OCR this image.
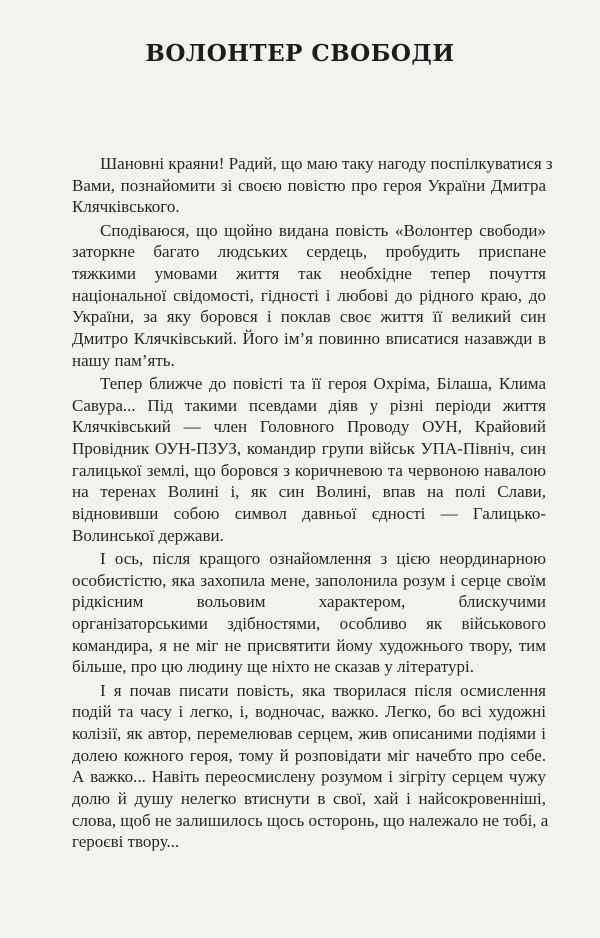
ВОЛОНТЕР СВОБОДИ
Шановні краяни! Радий, що маю таку нагоду поспілкуватися з
Вами, познайомити зі своєю повістю про героя України Дмитра
Клячківського.
Сподіваюся, що щойно видана повість «Волонтер свободи»
заторкне багато людських сердець, пробудить приспане
тяжкими умовами життя так необхідне тепер почуття
національної свідомості, гідності і любові до рідного краю, до
України, за яку боровся і поклав своє життя її великий син
Дмитро Клячківський. Його ім’я повинно вписатися назавжди в
нашу пам’ять.
Тепер ближче до повісті та її героя Охріма, Білаша, Клима
Савура... Під такими псевдами діяв у різні періоди життя
Клячківський — член Головного Проводу ОУН, Крайовий
Провідник ОУН-ПЗУЗ, командир групи військ УПА-Північ, син
галицької землі, що боровся з коричневою та червоною навалою
на теренах Волині і, як син Волині, впав на полі Слави,
відновивши собою символ давньої єдності — Галицько-
Волинської держави.
І ось, після кращого ознайомлення з цією неординарною
особистістю, яка захопила мене, заполонила розум і серце своїм
рідкісним вольовим характером, блискучими
організаторськими здібностями, особливо як військового
командира, я не міг не присвятити йому художнього твору, тим
більше, про цю людину ще ніхто не сказав у літературі.
І я почав писати повість, яка творилася після осмислення
подій та часу і легко, і, водночас, важко. Легко, бо всі художні
колізії, як автор, перемелював серцем, жив описаними подіями і
долею кожного героя, тому й розповідати міг начебто про себе.
А важко... Навіть переосмислену розумом і зігріту серцем чужу
долю й душу нелегко втиснути в свої, хай і найсокровенніші,
слова, щоб не залишилось щось осторонь, що належало не тобі, а
героєві твору...
